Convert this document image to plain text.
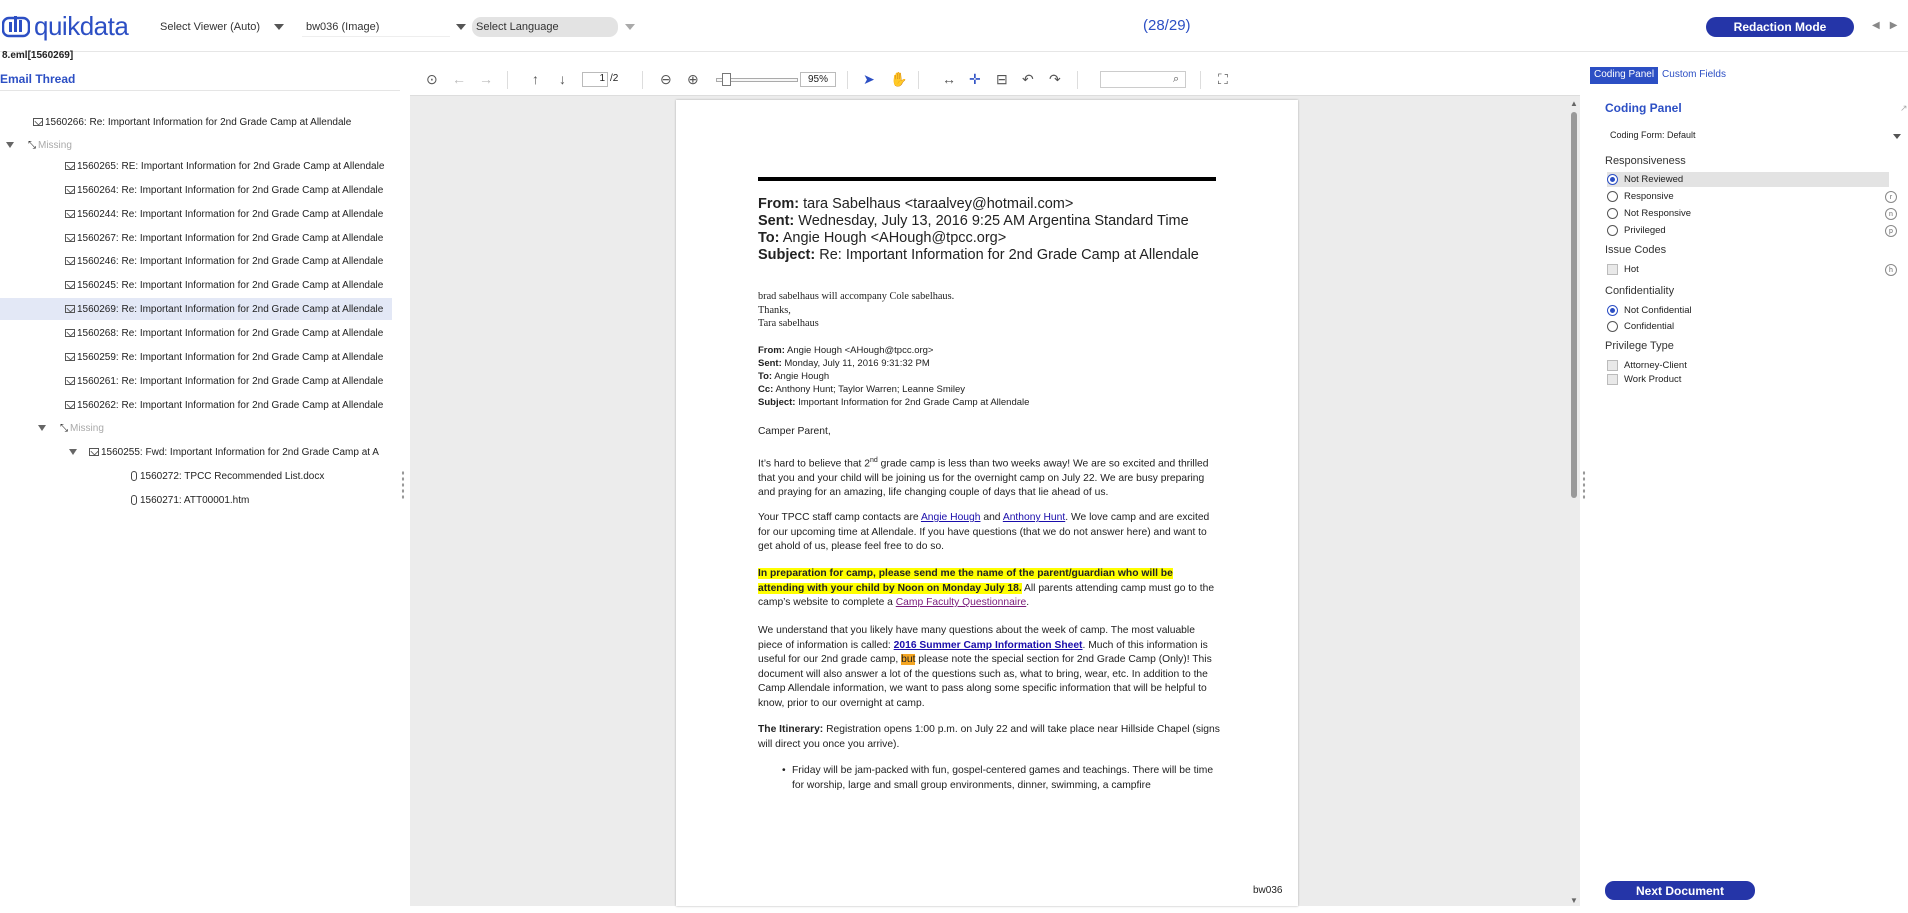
quikdata	Select Viewer (Auto)	bw036 (Image)	Select Language	(28/29)	Redaction Mode	◀▶
8.eml[1560269]
Email Thread
1560266: Re: Important Information for 2nd Grade Camp at Allendale
⤡ Missing
1560265: RE: Important Information for 2nd Grade Camp at Allendale
1560264: Re: Important Information for 2nd Grade Camp at Allendale
1560244: Re: Important Information for 2nd Grade Camp at Allendale
1560267: Re: Important Information for 2nd Grade Camp at Allendale
1560246: Re: Important Information for 2nd Grade Camp at Allendale
1560245: Re: Important Information for 2nd Grade Camp at Allendale
1560269: Re: Important Information for 2nd Grade Camp at Allendale
1560268: Re: Important Information for 2nd Grade Camp at Allendale
1560259: Re: Important Information for 2nd Grade Camp at Allendale
1560261: Re: Important Information for 2nd Grade Camp at Allendale
1560262: Re: Important Information for 2nd Grade Camp at Allendale
⤡ Missing
1560255: Fwd: Important Information for 2nd Grade Camp at A
1560272: TPCC Recommended List.docx
1560271: ATT00001.htm
⊙ ← →	↑ ↓	1 /2	⊖ ⊕	95%	➤ ✋ ↔ ✛ ⊟ ↶ ↷	⌕	⛶
▲
▼
From: tara Sabelhaus <taraalvey@hotmail.com>
Sent: Wednesday, July 13, 2016 9:25 AM Argentina Standard Time
To: Angie Hough <AHough@tpcc.org>
Subject: Re: Important Information for 2nd Grade Camp at Allendale
brad sabelhaus will accompany Cole sabelhaus.
Thanks,
Tara sabelhaus
From: Angie Hough <AHough@tpcc.org>
Sent: Monday, July 11, 2016 9:31:32 PM
To: Angie Hough
Cc: Anthony Hunt; Taylor Warren; Leanne Smiley
Subject: Important Information for 2nd Grade Camp at Allendale
Camper Parent,
It’s hard to believe that 2nd grade camp is less than two weeks away! We are so excited and thrilled that you and your child will be joining us for the overnight camp on July 22. We are busy preparing and praying for an amazing, life changing couple of days that lie ahead of us.
Your TPCC staff camp contacts are Angie Hough and Anthony Hunt. We love camp and are excited for our upcoming time at Allendale. If you have questions (that we do not answer here) and want to get ahold of us, please feel free to do so.
In preparation for camp, please send me the name of the parent/guardian who will be attending with your child by Noon on Monday July 18. All parents attending camp must go to the camp’s website to complete a Camp Faculty Questionnaire.
We understand that you likely have many questions about the week of camp. The most valuable piece of information is called: 2016 Summer Camp Information Sheet. Much of this information is useful for our 2nd grade camp, but please note the special section for 2nd Grade Camp (Only)! This document will also answer a lot of the questions such as, what to bring, wear, etc. In addition to the Camp Allendale information, we want to pass along some specific information that will be helpful to know, prior to our overnight at camp.
The Itinerary: Registration opens 1:00 p.m. on July 22 and will take place near Hillside Chapel (signs will direct you once you arrive).
• Friday will be jam-packed with fun, gospel-centered games and teachings. There will be time for worship, large and small group environments, dinner, swimming, a campfire
bw036
Coding Panel Custom Fields
Coding Panel	↗
Coding Form: Default
Responsiveness
Not Reviewed
Responsive	r
Not Responsive	n
Privileged	p
Issue Codes
Hot	h
Confidentiality
Not Confidential
Confidential
Privilege Type
Attorney-Client
Work Product
Next Document
